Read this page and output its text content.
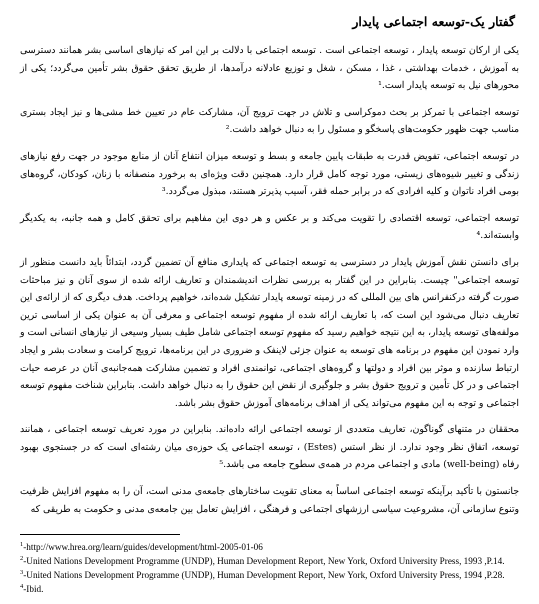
گفتار یک-توسعه اجتماعی پایدار

یکی از ارکان توسعه پایدار ، توسعه اجتماعی است . توسعه اجتماعی با دلالت بر این امر که نیازهای اساسی بشر همانند دسترسی به آموزش ، خدمات بهداشتی ، غذا ، مسکن ، شغل و توزیع عادلانه درآمدها، از طریق تحقق حقوق بشر تأمین می‌گردد؛ یکی از محورهای نیل به توسعه پایدار است.¹

توسعه اجتماعی با تمرکز بر بحث دموکراسی و تلاش در جهت ترویج آن، مشارکت عام در تعیین خط مشی‌ها و نیز ایجاد بستری مناسب جهت ظهور حکومت‌های پاسخگو و مسئول را به دنبال خواهد داشت.²

در توسعه اجتماعی، تفویض قدرت به طبقات پایین جامعه و بسط و توسعه میزان انتفاع آنان از منابع موجود در جهت رفع نیازهای زندگی و تغییر شیوه‌های زیستی، مورد توجه کامل قرار دارد. همچنین دقت ویژه‌ای به برخورد منصفانه با زنان، کودکان، گروه‌های بومی افراد ناتوان و کلیه افرادی که در برابر حمله فقر، آسیب پذیرتر هستند، مبذول می‌گردد.³

توسعه اجتماعی، توسعه اقتصادی را تقویت می‌کند و بر عکس و هر دوی این مفاهیم برای تحقق کامل و همه جانبه، به یکدیگر وابسته‌اند.⁴

برای دانستن نقش آموزش پایدار در دسترسی به توسعه اجتماعی که پایداری منافع آن تضمین گردد، ابتدائاً باید دانست منظور از توسعه اجتماعی" چیست. بنابراین در این گفتار به بررسی نظرات اندیشمندان و تعاریف ارائه شده از سوی آنان و نیز مباحثات صورت گرفته درکنفرانس های بین المللی که در زمینه توسعه پایدار تشکیل شده‌اند، خواهیم پرداخت. هدف دیگری که از ارائه‌ی این تعاریف دنبال می‌شود این است که، با تعاریف ارائه شده از مفهوم توسعه اجتماعی و معرفی آن به عنوان یکی از اساسی ترین مولفه‌های توسعه پایدار، به این نتیجه خواهیم رسید که مفهوم توسعه اجتماعی شامل طیف بسیار وسیعی از نیازهای انسانی است و وارد نمودن این مفهوم در برنامه های توسعه به عنوان جزئی لاینفک و ضروری در این برنامه‌ها، ترویج کرامت و سعادت بشر و ایجاد ارتباط سازنده و موثر بین افراد و دولتها و گروه‌های اجتماعی، توانمندی افراد و تضمین مشارکت همه‌جانبه‌ی آنان در عرصه حیات اجتماعی و در کل تأمین و ترویج حقوق بشر و جلوگیری از نقض این حقوق را به دنبال خواهد داشت. بنابراین شناخت مفهوم توسعه اجتماعی و توجه به این مفهوم می‌تواند یکی از اهداف برنامه‌های آموزش حقوق بشر باشد.

محققان در متنهای گوناگون، تعاریف متعددی از توسعه اجتماعی ارائه داده‌اند. بنابراین در مورد تعریف توسعه اجتماعی ، همانند توسعه، اتفاق نظر وجود ندارد. از نظر استس (Estes) ، توسعه اجتماعی یک حوزه‌ی میان رشته‌ای است که در جستجوی بهبود رفاه (well-being) مادی و اجتماعی مردم در همه‌ی سطوح جامعه می باشد.⁵

جانستون با تأکید برآینکه توسعه اجتماعی اساساً به معنای تقویت ساختارهای جامعه‌ی مدنی است، آن را به مفهوم افزایش ظرفیت وتنوع سازمانی آن، مشروعیت سیاسی ارزشهای اجتماعی و فرهنگی ، افزایش تعامل بین جامعه‌ی مدنی و حکومت به طریقی که

$^1$-http://www.hrea.org/learn/guides/development/html-2005-01-06
$^2$-United Nations Development Programme (UNDP), Human Development Report, New York, Oxford University Press, 1993 ,P.14.
$^3$-United Nations Development Programme (UNDP), Human Development Report, New York, Oxford University Press, 1994 ,P.28.
$^4$-Ibid.
